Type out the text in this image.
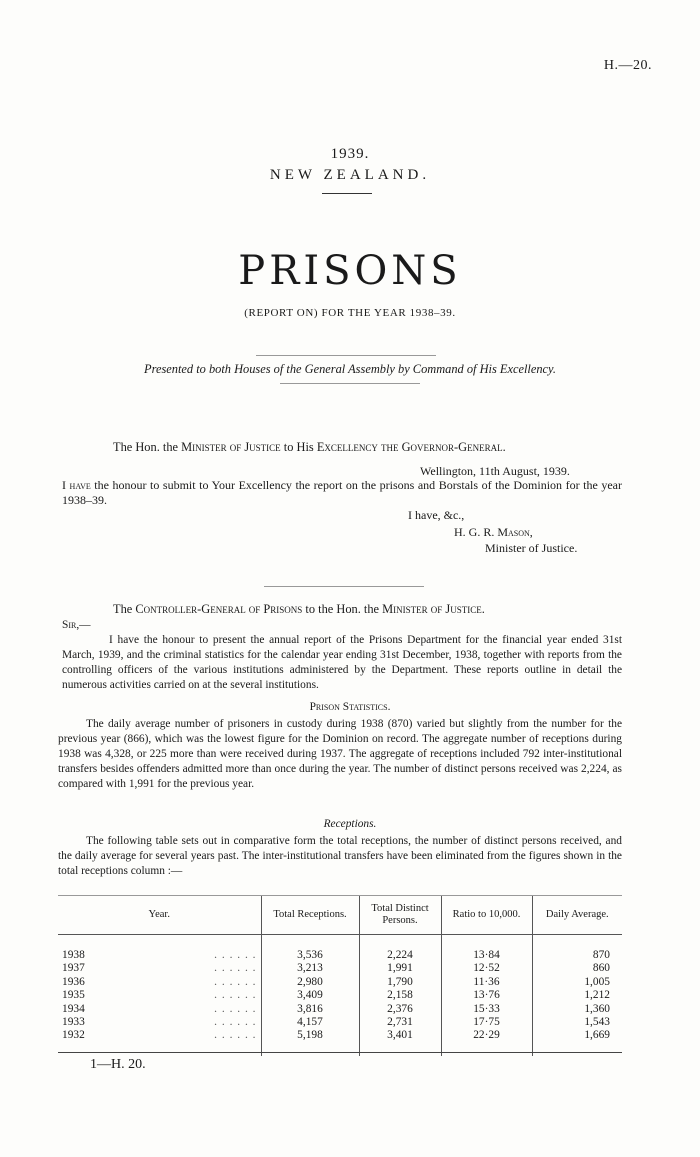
H.—20.
1939.
NEW ZEALAND.
PRISONS
(REPORT ON) FOR THE YEAR 1938–39.
Presented to both Houses of the General Assembly by Command of His Excellency.
The Hon. the Minister of Justice to His Excellency the Governor-General.
Wellington, 11th August, 1939.

I have the honour to submit to Your Excellency the report on the prisons and Borstals of the Dominion for the year 1938–39.

I have, &c.,
H. G. R. Mason,
Minister of Justice.
The Controller-General of Prisons to the Hon. the Minister of Justice.
Sir,—

I have the honour to present the annual report of the Prisons Department for the financial year ended 31st March, 1939, and the criminal statistics for the calendar year ending 31st December, 1938, together with reports from the controlling officers of the various institutions administered by the Department. These reports outline in detail the numerous activities carried on at the several institutions.

Prison Statistics.

The daily average number of prisoners in custody during 1938 (870) varied but slightly from the number for the previous year (866), which was the lowest figure for the Dominion on record. The aggregate number of receptions during 1938 was 4,328, or 225 more than were received during 1937. The aggregate of receptions included 792 inter-institutional transfers besides offenders admitted more than once during the year. The number of distinct persons received was 2,224, as compared with 1,991 for the previous year.

Receptions.

The following table sets out in comparative form the total receptions, the number of distinct persons received, and the daily average for several years past. The inter-institutional transfers have been eliminated from the figures shown in the total receptions column :—

Year.	Total Receptions.	Total Distinct Persons.	Ratio to 10,000.	Daily Average.

1938 . . . . . .	3,536	2,224	13·84	870
1937 . . . . . .	3,213	1,991	12·52	860
1936 . . . . . .	2,980	1,790	11·36	1,005
1935 . . . . . .	3,409	2,158	13·76	1,212
1934 . . . . . .	3,816	2,376	15·33	1,360
1933 . . . . . .	4,157	2,731	17·75	1,543
1932 . . . . . .	5,198	3,401	22·29	1,669

1—H. 20.
